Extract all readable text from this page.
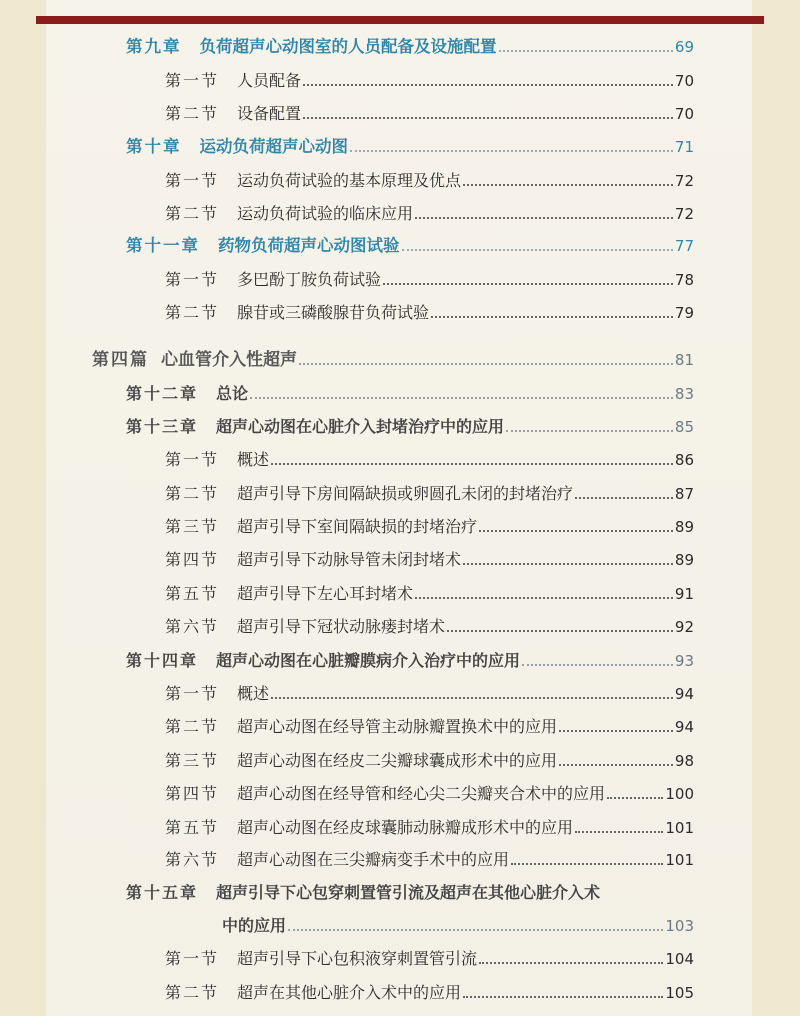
第九章 负荷超声心动图室的人员配备及设施配置	69
第一节 人员配备	70
第二节 设备配置	70
第十章 运动负荷超声心动图	71
第一节 运动负荷试验的基本原理及优点	72
第二节 运动负荷试验的临床应用	72
第十一章 药物负荷超声心动图试验	77
第一节 多巴酚丁胺负荷试验	78
第二节 腺苷或三磷酸腺苷负荷试验	79
第四篇 心血管介入性超声	81
第十二章 总论	83
第十三章 超声心动图在心脏介入封堵治疗中的应用	85
第一节 概述	86
第二节 超声引导下房间隔缺损或卵圆孔未闭的封堵治疗	87
第三节 超声引导下室间隔缺损的封堵治疗	89
第四节 超声引导下动脉导管未闭封堵术	89
第五节 超声引导下左心耳封堵术	91
第六节 超声引导下冠状动脉瘘封堵术	92
第十四章 超声心动图在心脏瓣膜病介入治疗中的应用	93
第一节 概述	94
第二节 超声心动图在经导管主动脉瓣置换术中的应用	94
第三节 超声心动图在经皮二尖瓣球囊成形术中的应用	98
第四节 超声心动图在经导管和经心尖二尖瓣夹合术中的应用	100
第五节 超声心动图在经皮球囊肺动脉瓣成形术中的应用	101
第六节 超声心动图在三尖瓣病变手术中的应用	101
第十五章 超声引导下心包穿刺置管引流及超声在其他心脏介入术
中的应用	103
第一节 超声引导下心包积液穿刺置管引流	104
第二节 超声在其他心脏介入术中的应用	105
